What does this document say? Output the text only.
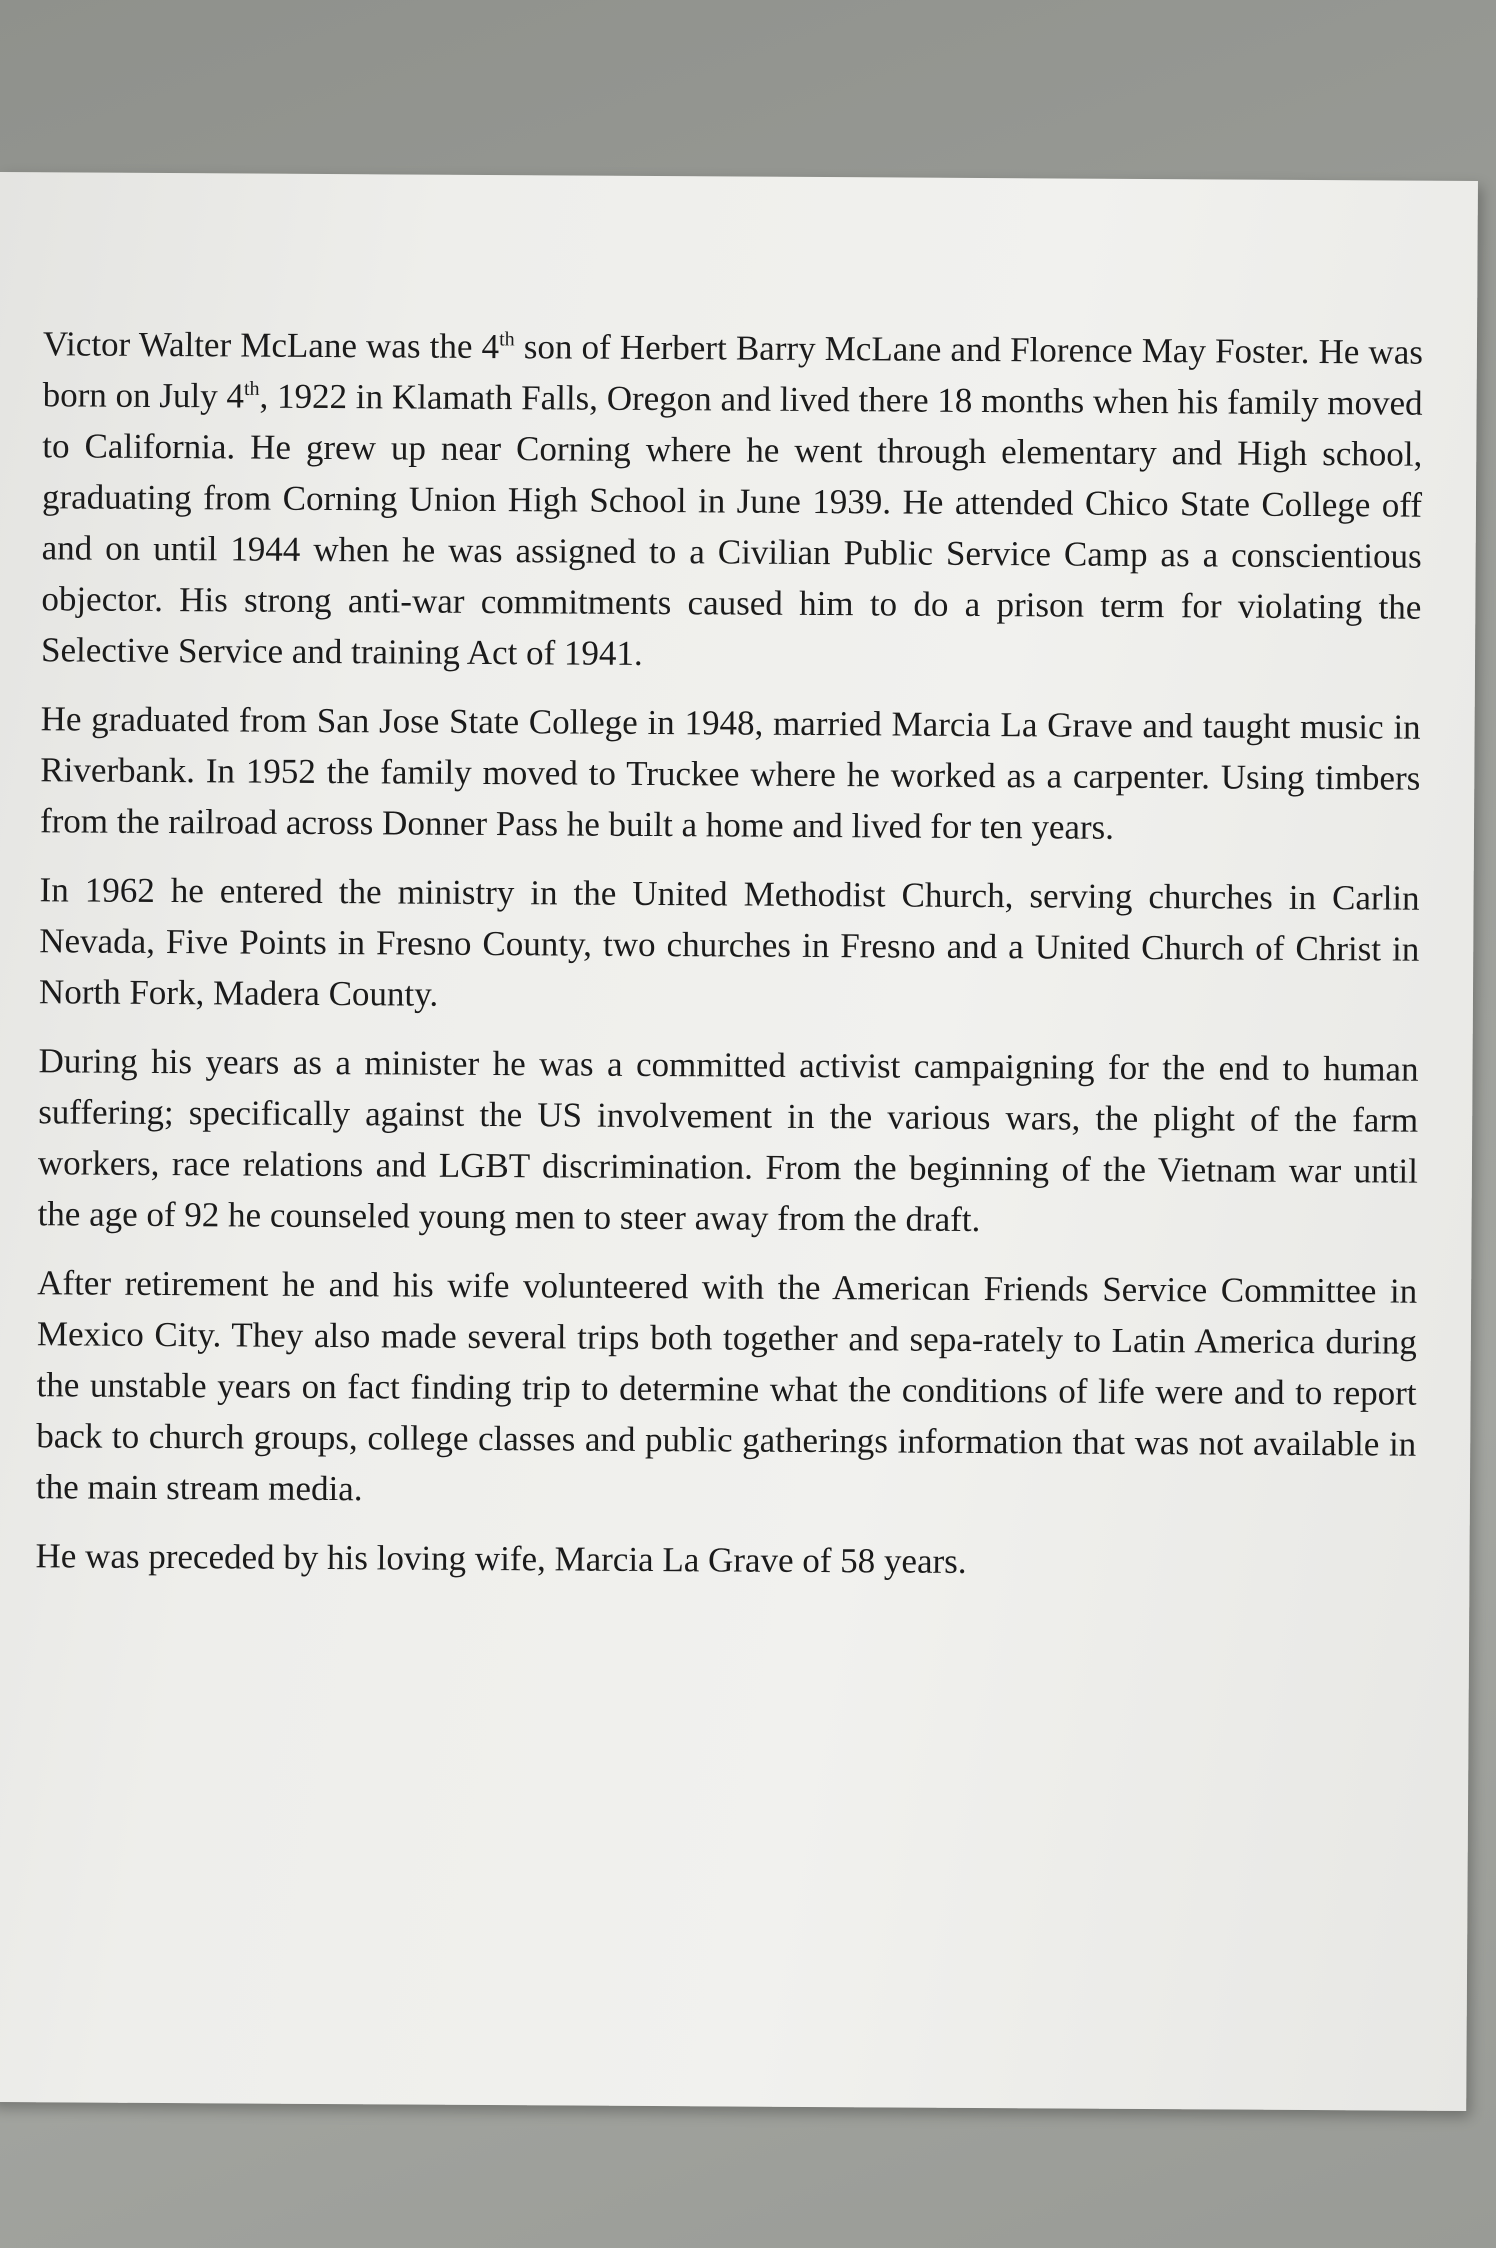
Victor Walter McLane was the 4th son of Herbert Barry McLane and Florence May Foster. He was born on July 4th, 1922 in Klamath Falls, Oregon and lived there 18 months when his family moved to California. He grew up near Corning where he went through elementary and High school, graduating from Corning Union High School in June 1939. He attended Chico State College off and on until 1944 when he was assigned to a Civilian Public Service Camp as a conscientious objector. His strong anti-war commitments caused him to do a prison term for violating the Selective Service and training Act of 1941.

He graduated from San Jose State College in 1948, married Marcia La Grave and taught music in Riverbank. In 1952 the family moved to Truckee where he worked as a carpenter. Using timbers from the railroad across Donner Pass he built a home and lived for ten years.

In 1962 he entered the ministry in the United Methodist Church, serving churches in Carlin Nevada, Five Points in Fresno County, two churches in Fresno and a United Church of Christ in North Fork, Madera County.

During his years as a minister he was a committed activist campaigning for the end to human suffering; specifically against the US involvement in the various wars, the plight of the farm workers, race relations and LGBT discrimination. From the beginning of the Vietnam war until the age of 92 he counseled young men to steer away from the draft.

After retirement he and his wife volunteered with the American Friends Service Committee in Mexico City. They also made several trips both together and sepa-rately to Latin America during the unstable years on fact finding trip to determine what the conditions of life were and to report back to church groups, college classes and public gatherings information that was not available in the main stream media.

He was preceded by his loving wife, Marcia La Grave of 58 years.
